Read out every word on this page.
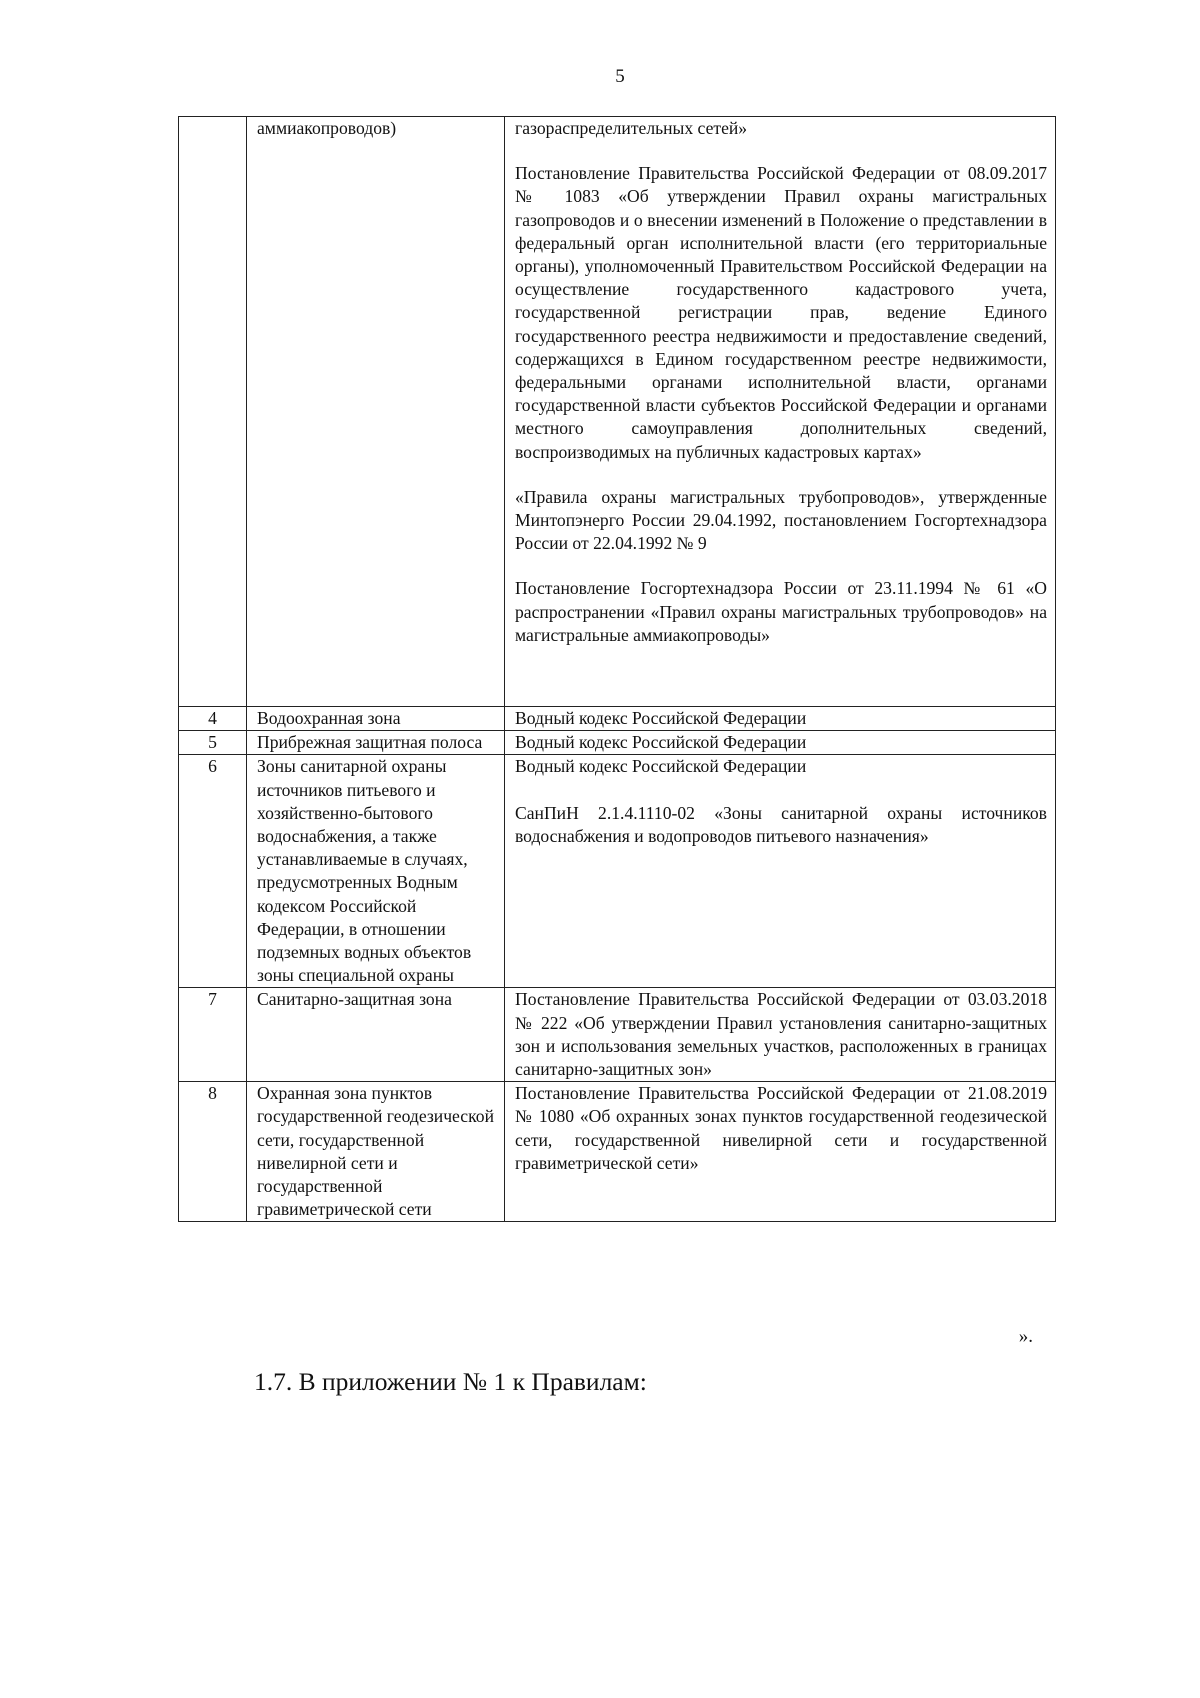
5

	аммиакопроводов)	газораспределительных сетей»
Постановление Правительства Российской Федерации от 08.09.2017 № 1083 «Об утверждении Правил охраны магистральных газопроводов и о внесении изменений в Положение о представлении в федеральный орган исполнительной власти (его территориальные органы), уполномоченный Правительством Российской Федерации на осуществление государственного кадастрового учета, государственной регистрации прав, ведение Единого государственного реестра недвижимости и предоставление сведений, содержащихся в Едином государственном реестре недвижимости, федеральными органами исполнительной власти, органами государственной власти субъектов Российской Федерации и органами местного самоуправления дополнительных сведений, воспроизводимых на публичных кадастровых картах»
«Правила охраны магистральных трубопроводов», утвержденные Минтопэнерго России 29.04.1992, постановлением Госгортехнадзора России от 22.04.1992 № 9
Постановление Госгортехнадзора России от 23.11.1994 № 61 «О распространении «Правил охраны магистральных трубопроводов» на магистральные аммиакопроводы»

4	Водоохранная зона	Водный кодекс Российской Федерации
5	Прибрежная защитная полоса	Водный кодекс Российской Федерации
6	Зоны санитарной охраны источников питьевого и хозяйственно-бытового водоснабжения, а также устанавливаемые в случаях, предусмотренных Водным кодексом Российской Федерации, в отношении подземных водных объектов зоны специальной охраны	Водный кодекс Российской Федерации
СанПиН 2.1.4.1110-02 «Зоны санитарной охраны источников водоснабжения и водопроводов питьевого назначения»

7	Санитарно-защитная зона	Постановление Правительства Российской Федерации от 03.03.2018 № 222 «Об утверждении Правил установления санитарно-защитных зон и использования земельных участков, расположенных в границах санитарно-защитных зон»
8	Охранная зона пунктов государственной геодезической сети, государственной нивелирной сети и государственной гравиметрической сети	Постановление Правительства Российской Федерации от 21.08.2019 № 1080 «Об охранных зонах пунктов государственной геодезической сети, государственной нивелирной сети и государственной гравиметрической сети»
».
1.7. В приложении № 1 к Правилам:
